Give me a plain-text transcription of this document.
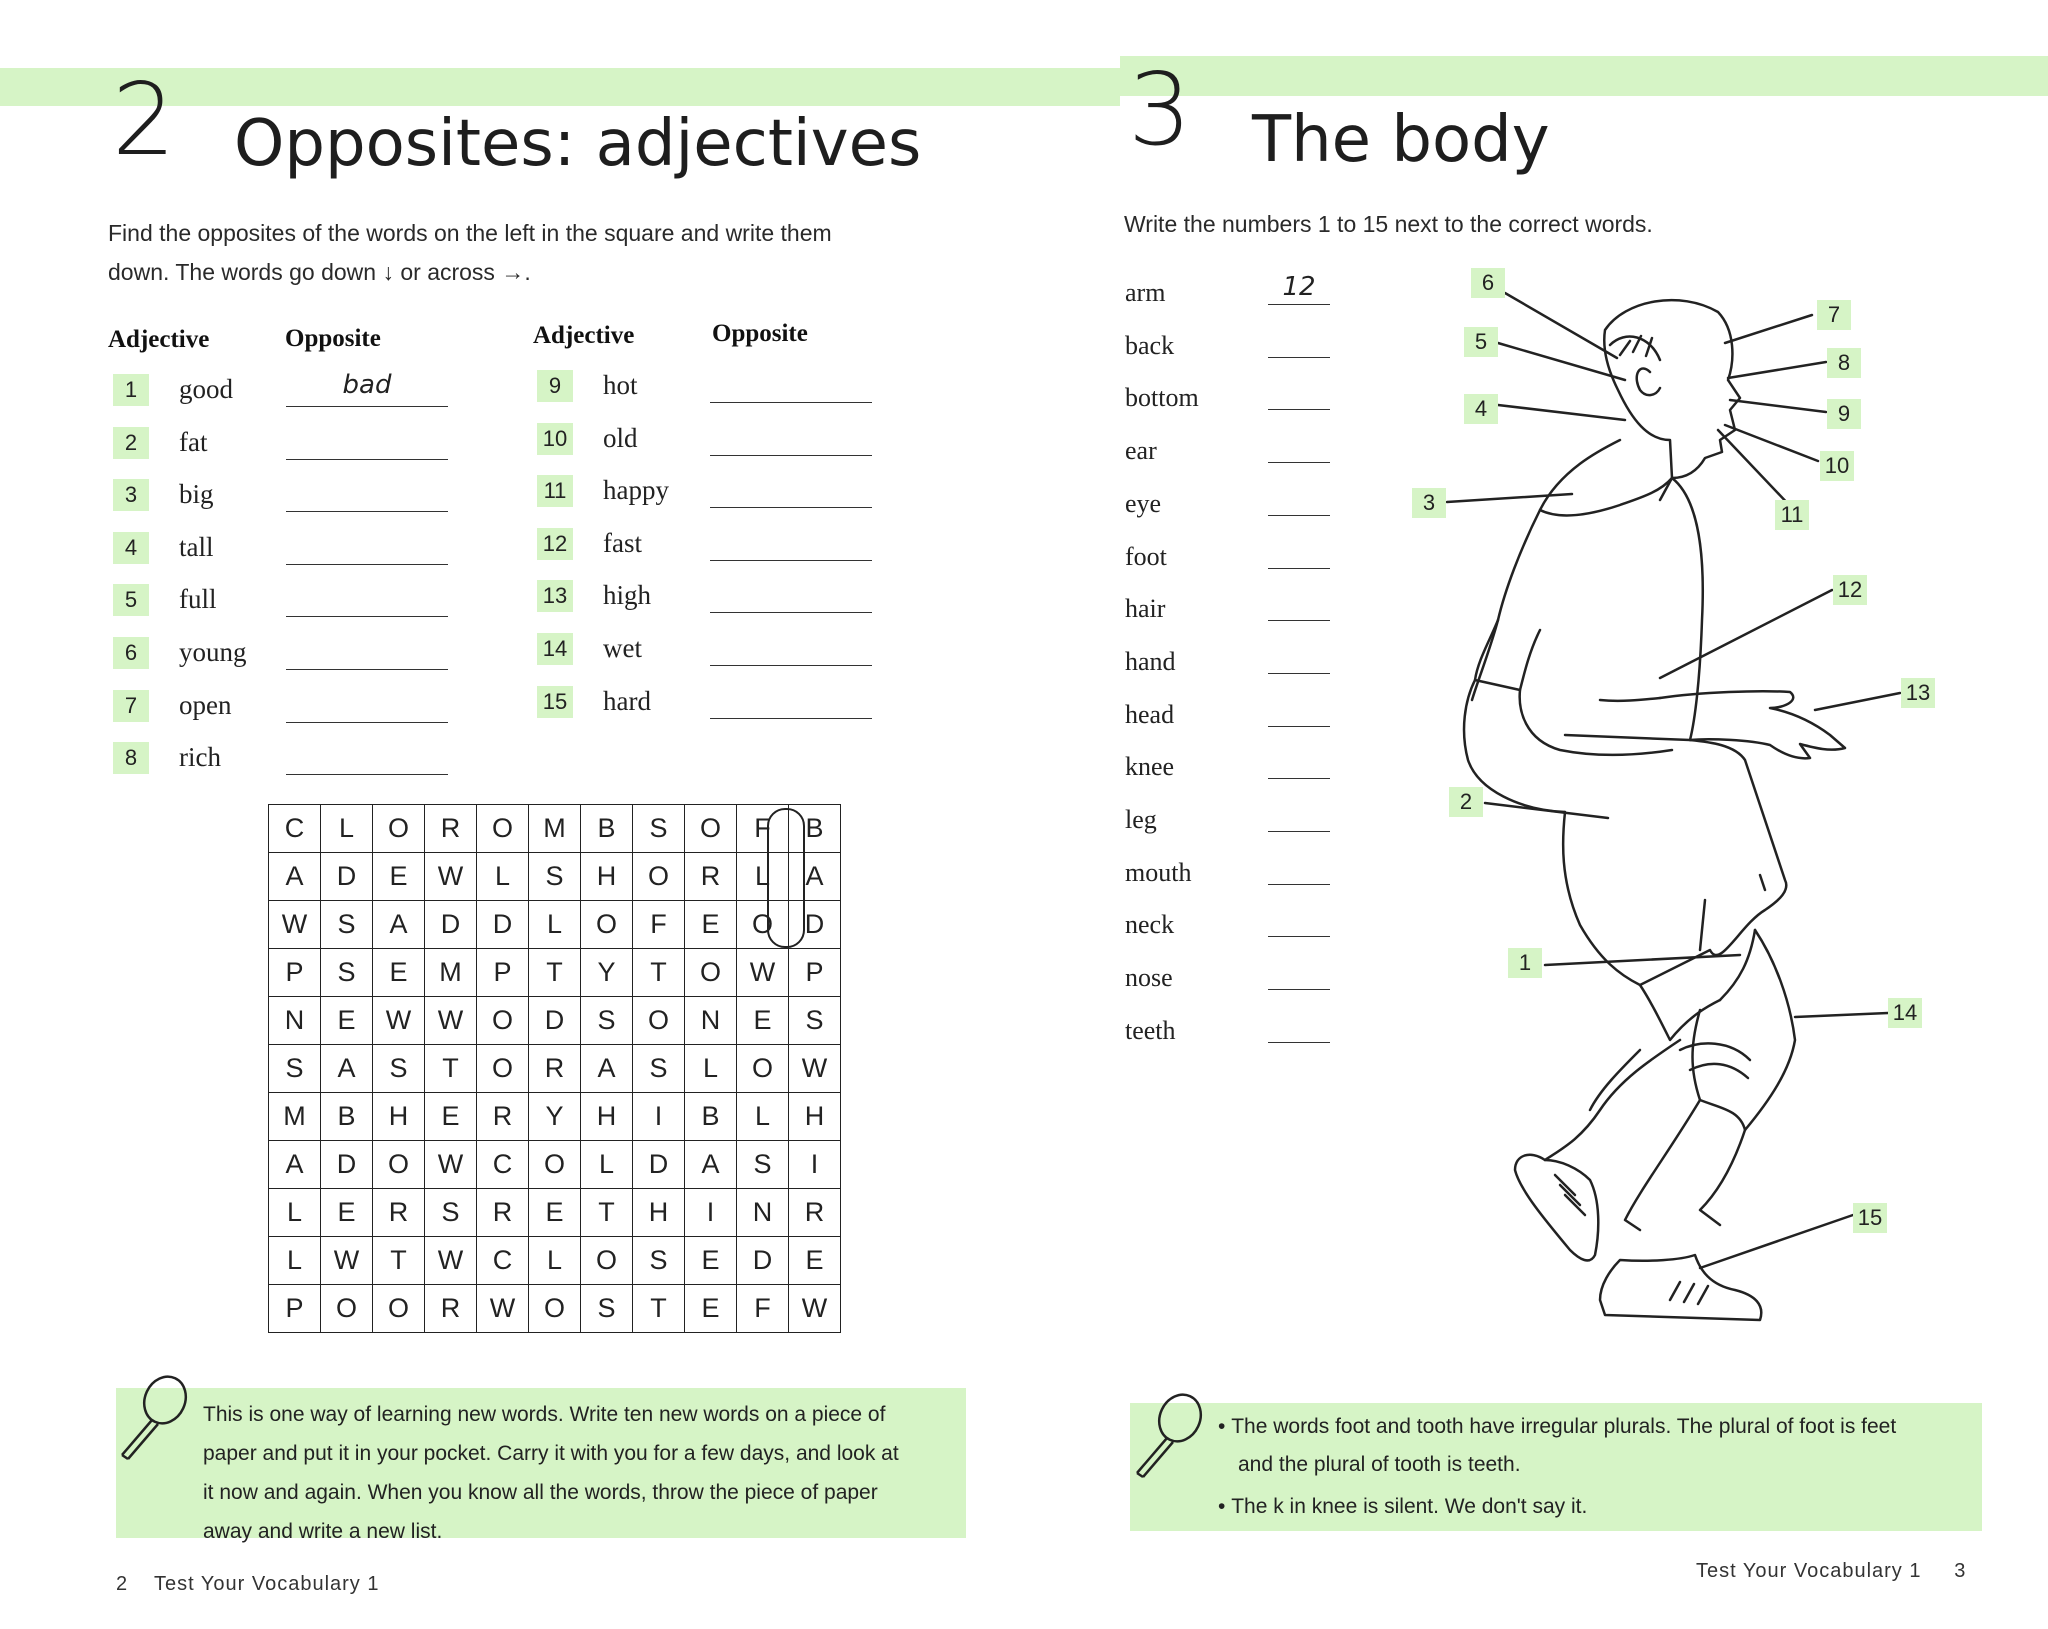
2 Opposites: adjectives
Find the opposites of the words on the left in the square and write them
down. The words go down ↓ or across →.
Adjective	Opposite	Adjective	Opposite
1	good	bad
2	fat
3	big
4	tall
5	full
6	young
7	open
8	rich
9	hot
10 old
11 happy
12 fast
13 high
14 wet
15 hard
C	L	O	R	O	M	B	S	O	F	B
A	D	E	W	L	S	H	O	R	L	A
W	S	A	D	D	L	O	F	E	O	D
P	S	E	M	P	T	Y	T	O	W	P
N	E	W	W	O	D	S	O	N	E	S
S	A	S	T	O	R	A	S	L	O	W
M	B	H	E	R	Y	H	I	B	L	H
A	D	O	W	C	O	L	D	A	S	I
L	E	R	S	R	E	T	H	I	N	R
L	W	T	W	C	L	O	S	E	D	E
P	O	O	R	W	O	S	T	E	F	W
This is one way of learning new words. Write ten new words on a piece of
paper and put it in your pocket. Carry it with you for a few days, and look at
it now and again. When you know all the words, throw the piece of paper
away and write a new list.
2 Test Your Vocabulary 1
3 The body
Write the numbers 1 to 15 next to the correct words.
arm	12
back
bottom
ear
eye
foot
hair
hand
head
knee
leg
mouth
neck
nose
teeth
1
2
3
4
5
6
7
8
9
10
11
12
13
14
15
• The words foot and tooth have irregular plurals. The plural of foot is feet
and the plural of tooth is teeth.
• The k in knee is silent. We don't say it.
Test Your Vocabulary 1 3
